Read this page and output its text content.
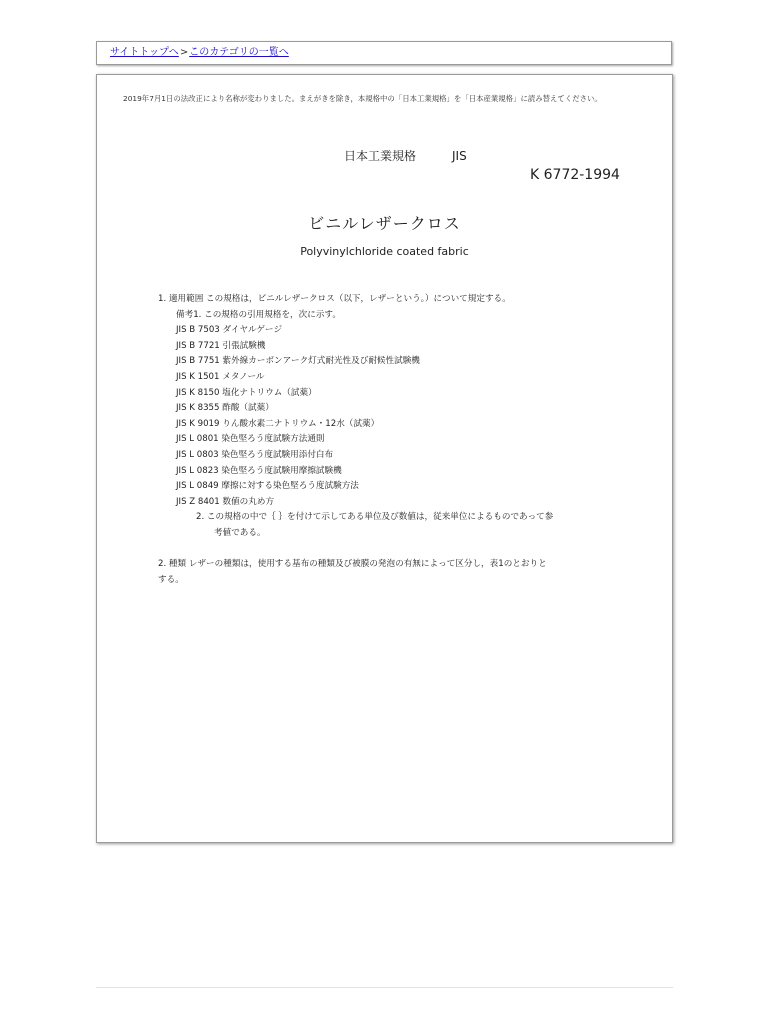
サイトトップへ>このカテゴリの一覧へ
2019年7月1日の法改正により名称が変わりました。まえがきを除き，本規格中の「日本工業規格」を「日本産業規格」に読み替えてください。
日本工業規格	JIS
K 6772-1994
ビニルレザークロス
Polyvinylchloride coated fabric

1. 適用範囲 この規格は，ビニルレザークロス（以下，レザーという。）について規定する。

備考1. この規格の引用規格を，次に示す。

JIS B 7503 ダイヤルゲージ

JIS B 7721 引張試験機

JIS B 7751 紫外線カーボンアーク灯式耐光性及び耐候性試験機

JIS K 1501 メタノール

JIS K 8150 塩化ナトリウム（試薬）

JIS K 8355 酢酸（試薬）

JIS K 9019 りん酸水素二ナトリウム・12水（試薬）

JIS L 0801 染色堅ろう度試験方法通則

JIS L 0803 染色堅ろう度試験用添付白布

JIS L 0823 染色堅ろう度試験用摩擦試験機

JIS L 0849 摩擦に対する染色堅ろう度試験方法

JIS Z 8401 数値の丸め方

2. この規格の中で｛ ｝を付けて示してある単位及び数値は，従来単位によるものであって参

考値である。

2. 種類 レザーの種類は，使用する基布の種類及び被膜の発泡の有無によって区分し，表1のとおりと

する。
